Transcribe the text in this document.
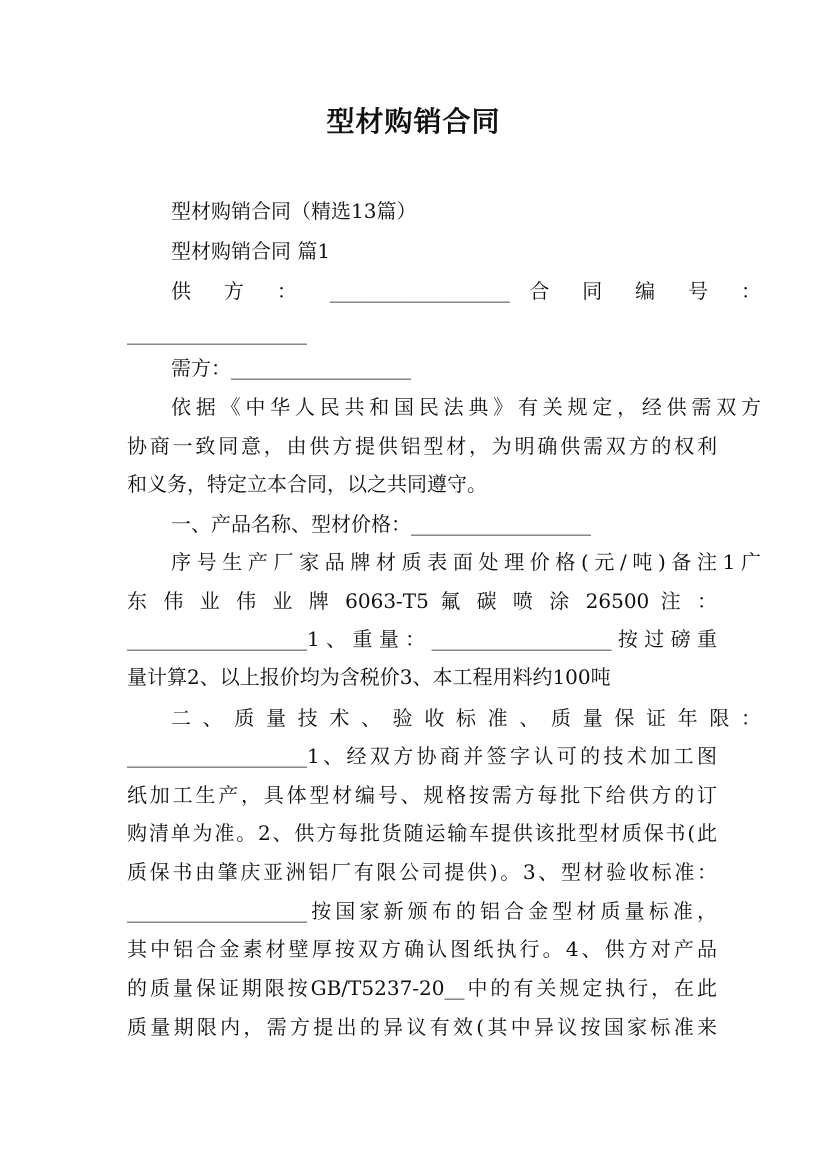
型材购销合同
型材购销合同（精选13篇）
型材购销合同 篇1
供 方 ： __________________ 合 同 编 号 ：
__________________
需方：__________________
依据《中华人民共和国民法典》有关规定，经供需双方
协商一致同意，由供方提供铝型材，为明确供需双方的权利
和义务，特定立本合同，以之共同遵守。
一、产品名称、型材价格：__________________
序号生产厂家品牌材质表面处理价格(元/吨)备注1广
东 伟 业 伟 业 牌 6063-T5 氟 碳 喷 涂 26500 注 ：
__________________1、重量：__________________按过磅重
量计算2、以上报价均为含税价3、本工程用料约100吨
二 、 质 量 技 术 、 验 收 标 准 、 质 量 保 证 年 限 ：
__________________1、经双方协商并签字认可的技术加工图
纸加工生产，具体型材编号、规格按需方每批下给供方的订
购清单为准。2、供方每批货随运输车提供该批型材质保书(此
质保书由肇庆亚洲铝厂有限公司提供)。3、型材验收标准：
__________________按国家新颁布的铝合金型材质量标准，
其中铝合金素材壁厚按双方确认图纸执行。4、供方对产品
的质量保证期限按GB/T5237-20__中的有关规定执行，在此
质量期限内，需方提出的异议有效(其中异议按国家标准来
